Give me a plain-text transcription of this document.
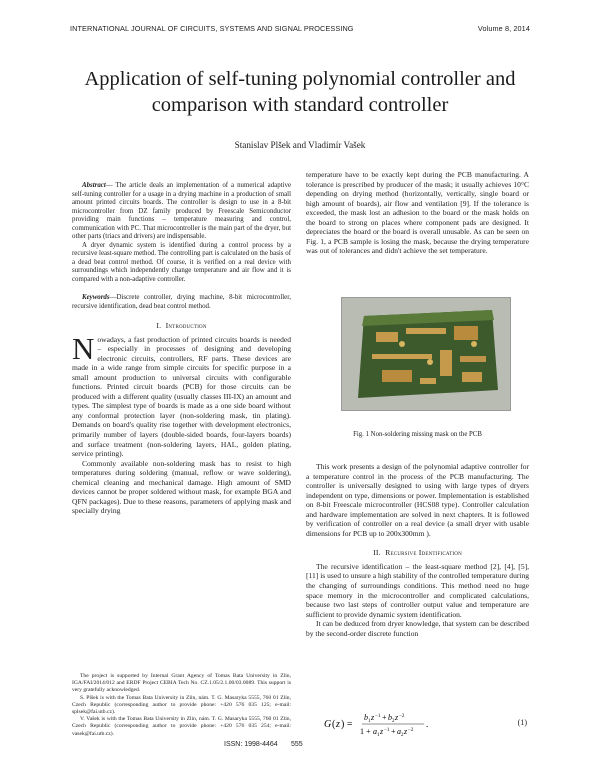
INTERNATIONAL JOURNAL OF CIRCUITS, SYSTEMS AND SIGNAL PROCESSING	Volume 8, 2014
Application of self-tuning polynomial controller and comparison with standard controller
Stanislav Plšek and Vladimír Vašek

Abstract— The article deals an implementation of a numerical adaptive self-tuning controller for a usage in a drying machine in a production of small amount printed circuits boards. The controller is design to use in a 8-bit microcontroller from DZ family produced by Freescale Semiconductor providing main functions – temperature measuring and control, communication with PC. That microcontroller is the main part of the dryer, but other parts (triacs and drivers) are indispensable.

A dryer dynamic system is identified during a control process by a recursive least-square method. The controlling part is calculated on the basis of a dead beat control method. Of course, it is verified on a real device with surroundings which independently change temperature and air flow and it is compared with a non-adaptive controller.

Keywords—Discrete controller, drying machine, 8-bit microcontroller, recursive identification, dead beat control method.

I. Introduction

Nowadays, a fast production of printed circuits boards is needed – especially in processes of designing and developing electronic circuits, controllers, RF parts. These devices are made in a wide range from simple circuits for specific purpose in a small amount production to universal circuits with configurable functions. Printed circuit boards (PCB) for those circuits can be produced with a different quality (usually classes III-IX) an amount and types. The simplest type of boards is made as a one side board without any conformal protection layer (non-soldering mask, tin plating). Demands on board's quality rise together with development electronics, primarily number of layers (double-sided boards, four-layers boards) and surface treatment (non-soldering layers, HAL, golden plating, service printing).

Commonly available non-soldering mask has to resist to high temperatures during soldering (manual, reflow or wave soldering), chemical cleaning and mechanical damage. High amount of SMD devices cannot be proper soldered without mask, for example BGA and QFN packages). Due to these reasons, parameters of applying mask and specially drying

The project is supported by Internal Grant Agency of Tomas Bata University in Zlin, IGA/FAI/2014/012 and ERDF Project CEBIA Tech No. CZ.1.05/2.1.00/03.0089. This support is very gratefully acknowledged.

S. Plšek is with the Tomas Bata University in Zlin, nám. T. G. Masaryka 5555, 760 01 Zlin, Czech Republic (corresponding author to provide phone: +420 576 035 125; e-mail: splsek@fai.utb.cz).

V. Vašek is with the Tomas Bata University in Zlin, nám. T. G. Masaryka 5555, 760 01 Zlin, Czech Republic (corresponding author to provide phone: +420 576 035 254; e-mail: vasek@fai.utb.cz).

temperature have to be exactly kept during the PCB manufacturing. A tolerance is prescribed by producer of the mask; it usually achieves 10°C depending on drying method (horizontally, vertically, single board or high amount of boards), air flow and ventilation [9]. If the tolerance is exceeded, the mask lost an adhesion to the board or the mask holds on the board to strong on places where component pads are designed. It depreciates the board or the board is overall unusable. As can be seen on Fig. 1, a PCB sample is losing the mask, because the drying temperature was out of tolerances and didn't achieve the set temperature.

Fig. 1 Non-soldering missing mask on the PCB

This work presents a design of the polynomial adaptive controller for a temperature control in the process of the PCB manufacturing. The controller is universally designed to using with large types of dryers independent on type, dimensions or power. Implementation is established on 8-bit Freescale microcontroller (HCS08 type). Controller calculation and hardware implementation are solved in next chapters. It is followed by verification of controller on a real device (a small dryer with usable dimensions for PCB up to 200x300mm ).

II. Recursive Identification

The recursive identification – the least-square method [2], [4], [5], [11] is used to unsure a high stability of the controlled temperature during the changing of surroundings conditions. This method need no huge space memory in the microcontroller and complicated calculations, because two last steps of controller output value and temperature are sufficient to provide dynamic system identification.

It can be deduced from dryer knowledge, that system can be described by the second-order discrete function

G ( z ) =
b 1 z −1 + b 2 z −2
1 + a 1 z −1 + a 2 z −2
.	(1)
ISSN: 1998-4464 555
